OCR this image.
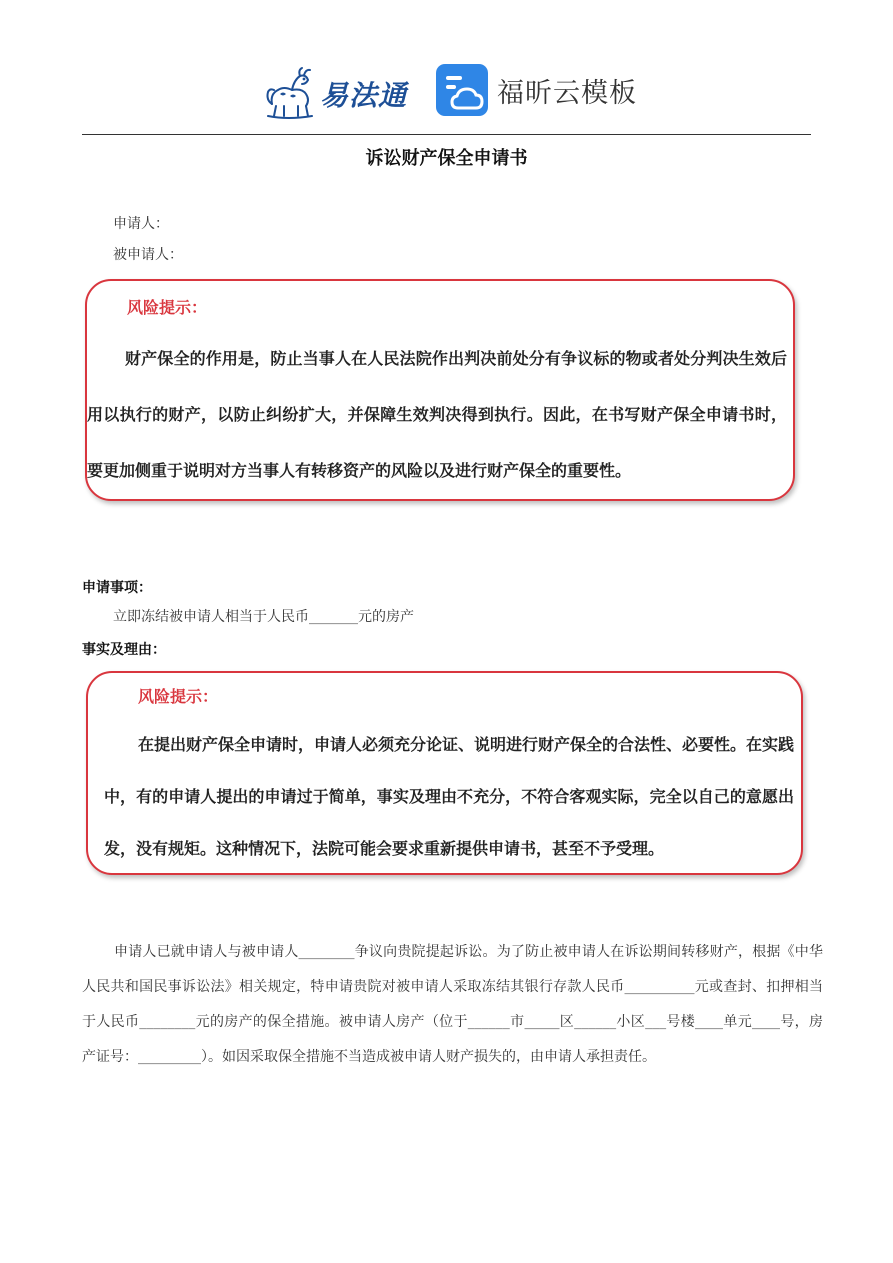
易法通	福昕云模板
诉讼财产保全申请书
申请人：
被申请人：
风险提示：
财产保全的作用是，防止当事人在人民法院作出判决前处分有争议标的物或者处分判决生效后用以执行的财产，以防止纠纷扩大，并保障生效判决得到执行。因此，在书写财产保全申请书时，要更加侧重于说明对方当事人有转移资产的风险以及进行财产保全的重要性。
申请事项：
立即冻结被申请人相当于人民币_______元的房产
事实及理由：
风险提示：
在提出财产保全申请时，申请人必须充分论证、说明进行财产保全的合法性、必要性。在实践中，有的申请人提出的申请过于简单，事实及理由不充分，不符合客观实际，完全以自己的意愿出发，没有规矩。这种情况下，法院可能会要求重新提供申请书，甚至不予受理。
申请人已就申请人与被申请人________争议向贵院提起诉讼。为了防止被申请人在诉讼期间转移财产，根据《中华人民共和国民事诉讼法》相关规定，特申请贵院对被申请人采取冻结其银行存款人民币__________元或查封、扣押相当于人民币________元的房产的保全措施。被申请人房产（位于______市_____区______小区___号楼____单元____号，房产证号：_________）。如因采取保全措施不当造成被申请人财产损失的，由申请人承担责任。
